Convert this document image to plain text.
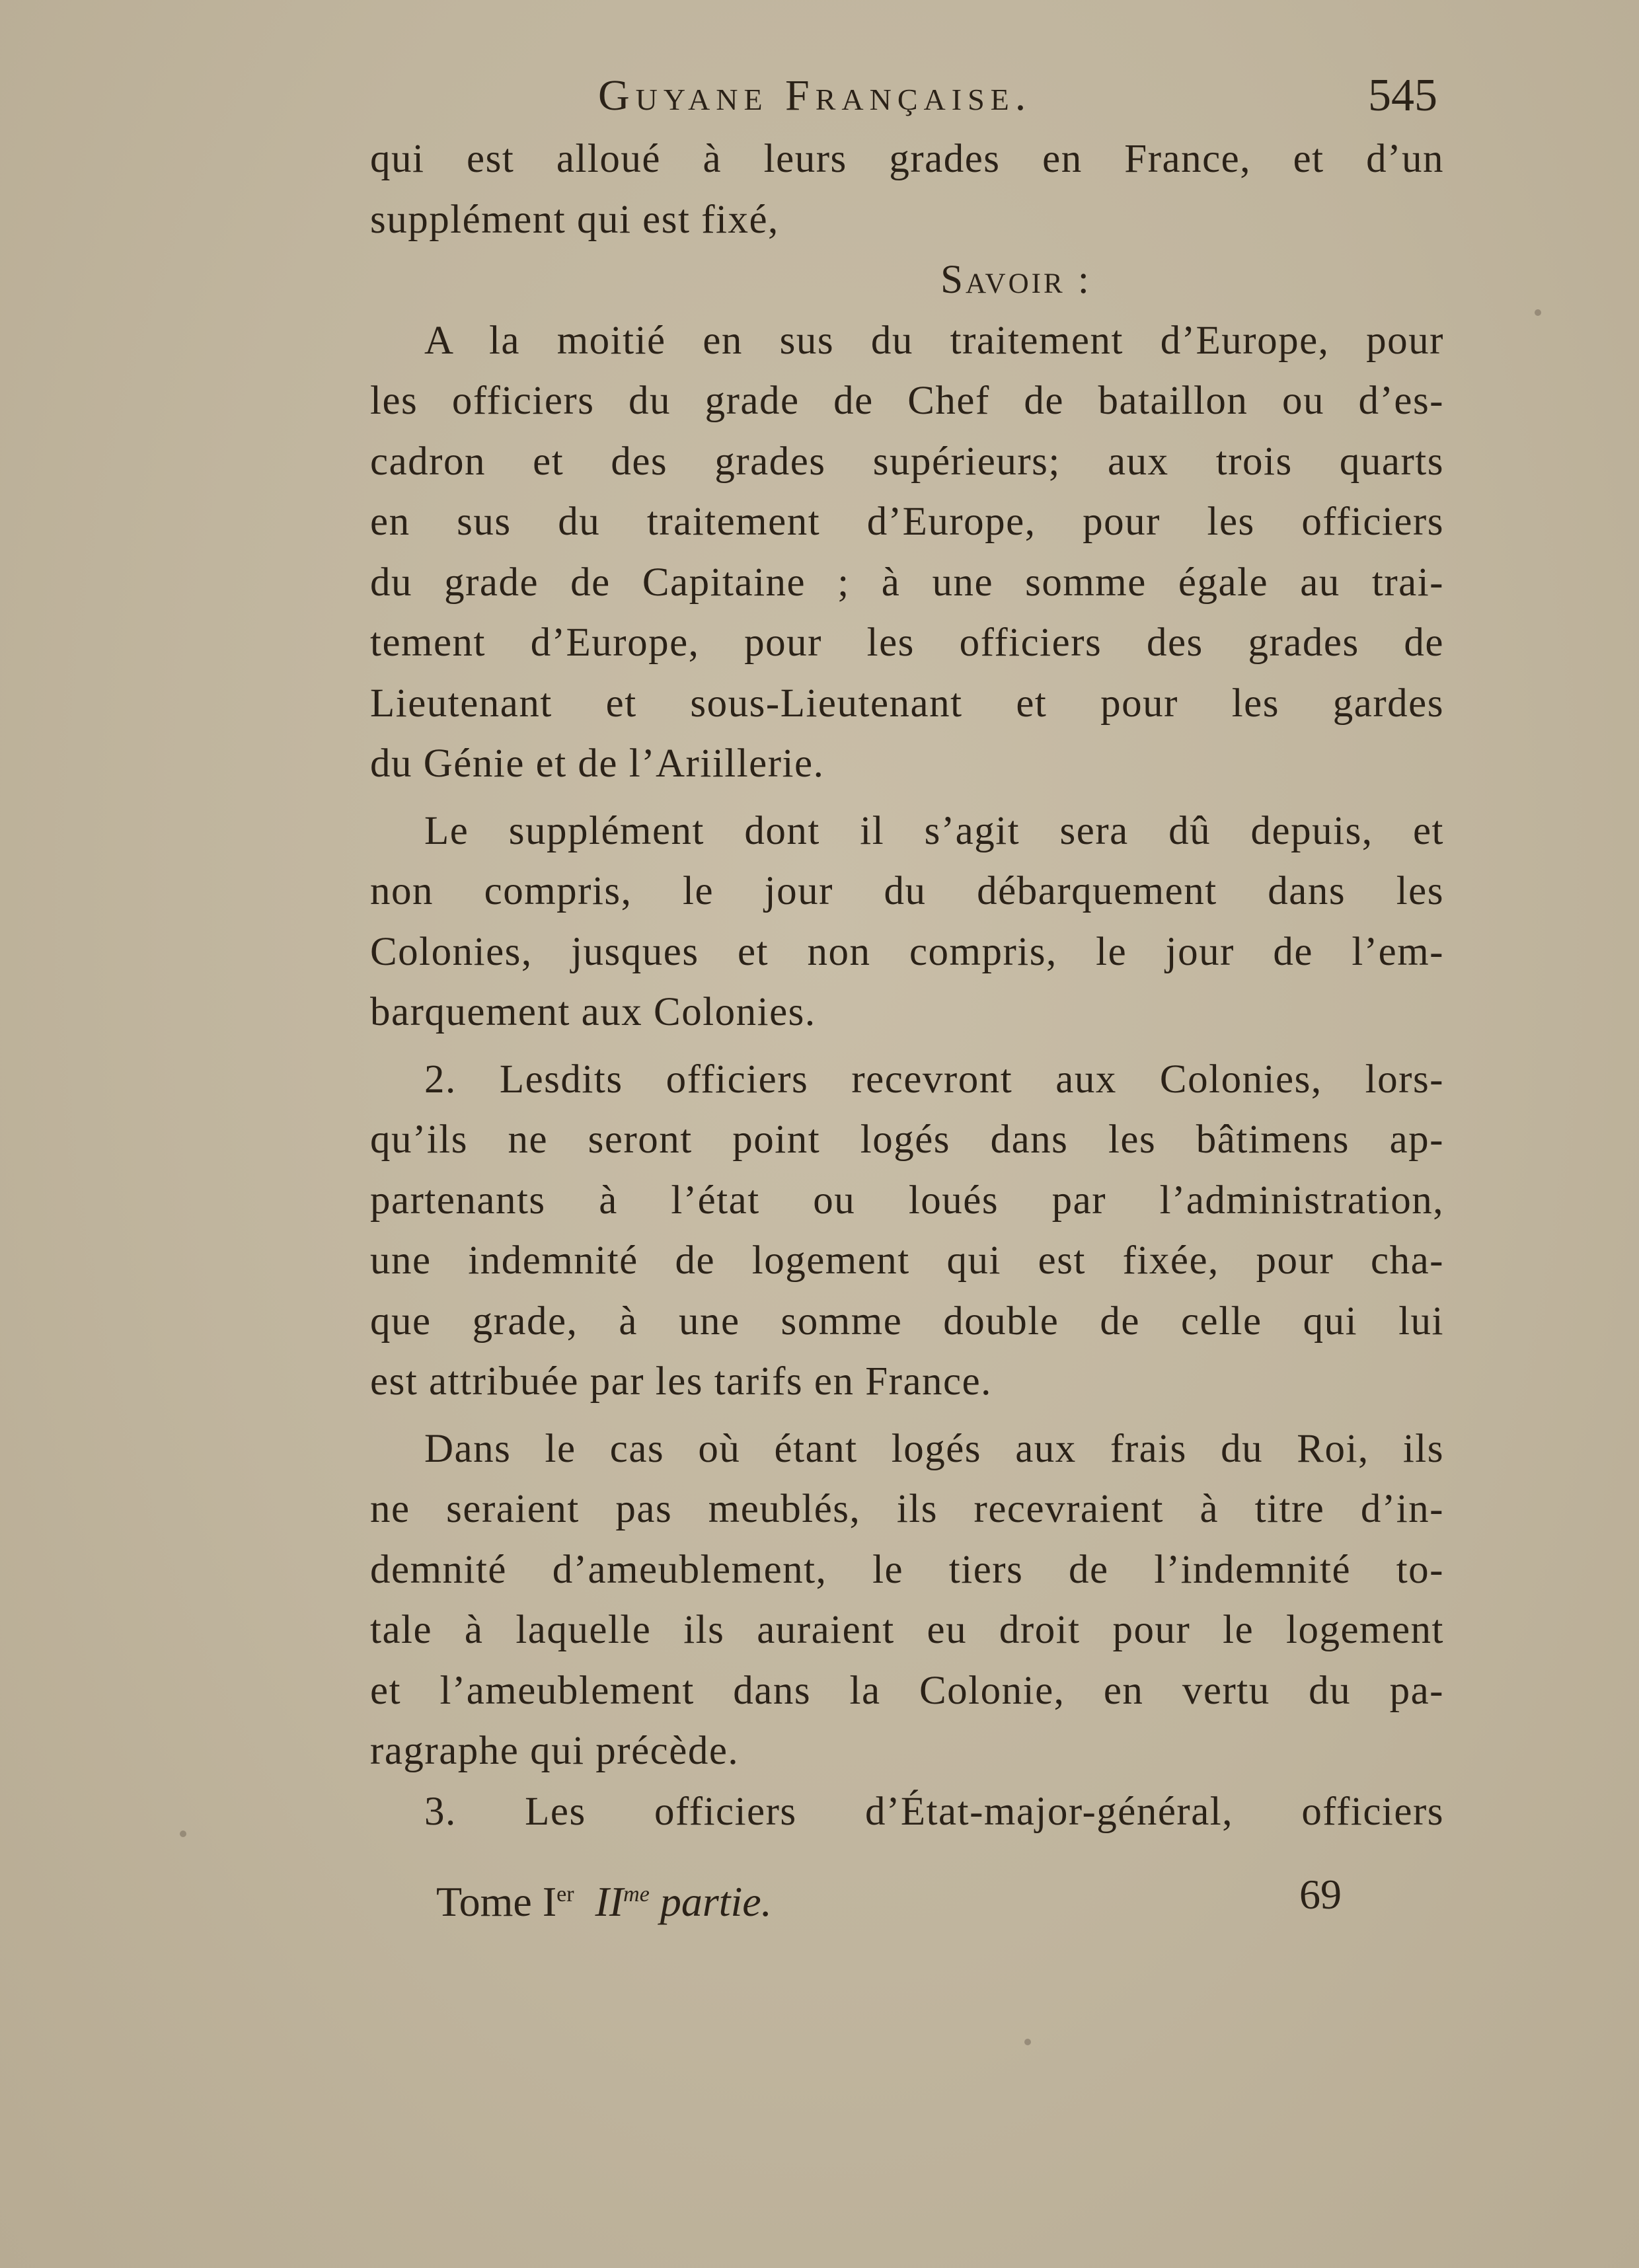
Guyane Française.	545
qui est alloué à leurs grades en France, et d’un
supplément qui est fixé,
Savoir :
A la moitié en sus du traitement d’Europe, pour
les officiers du grade de Chef de bataillon ou d’es-
cadron et des grades supérieurs; aux trois quarts
en sus du traitement d’Europe, pour les officiers
du grade de Capitaine ; à une somme égale au trai-
tement d’Europe, pour les officiers des grades de
Lieutenant et sous-Lieutenant et pour les gardes
du Génie et de l’Ariillerie.
Le supplément dont il s’agit sera dû depuis, et
non compris, le jour du débarquement dans les
Colonies, jusques et non compris, le jour de l’em-
barquement aux Colonies.
2. Lesdits officiers recevront aux Colonies, lors-
qu’ils ne seront point logés dans les bâtimens ap-
partenants à l’état ou loués par l’administration,
une indemnité de logement qui est fixée, pour cha-
que grade, à une somme double de celle qui lui
est attribuée par les tarifs en France.
Dans le cas où étant logés aux frais du Roi, ils
ne seraient pas meublés, ils recevraient à titre d’in-
demnité d’ameublement, le tiers de l’indemnité to-
tale à laquelle ils auraient eu droit pour le logement
et l’ameublement dans la Colonie, en vertu du pa-
ragraphe qui précède.
3. Les officiers d’État-major-général, officiers
Tome Ier $II^{me}$ partie.	69
